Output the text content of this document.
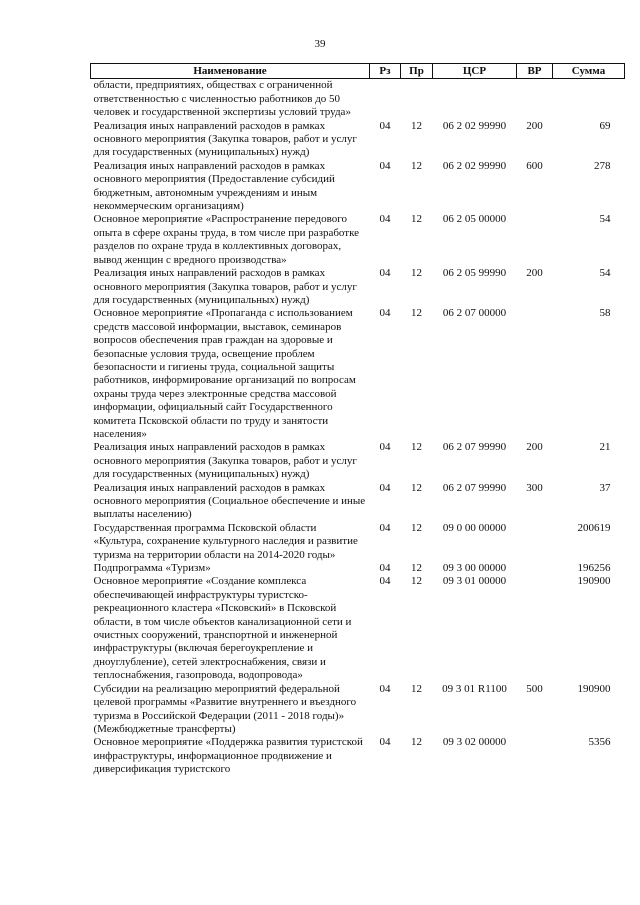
39
Наименование	Рз	Пр	ЦСР	ВР	Сумма
области, предприятиях, обществах с ограниченной ответственностью с численностью работников до 50 человек и государственной экспертизы условий труда»					
Реализация иных направлений расходов в рамках основного мероприятия (Закупка товаров, работ и услуг для государственных (муниципальных) нужд)	04	12	06 2 02 99990	200	69
Реализация иных направлений расходов в рамках основного мероприятия (Предоставление субсидий бюджетным, автономным учреждениям и иным некоммерческим организациям)	04	12	06 2 02 99990	600	278
Основное мероприятие «Распространение передового опыта в сфере охраны труда, в том числе при разработке разделов по охране труда в коллективных договорах, вывод женщин с вредного производства»	04	12	06 2 05 00000		54
Реализация иных направлений расходов в рамках основного мероприятия (Закупка товаров, работ и услуг для государственных (муниципальных) нужд)	04	12	06 2 05 99990	200	54
Основное мероприятие «Пропаганда с использованием средств массовой информации, выставок, семинаров вопросов обеспечения прав граждан на здоровые и безопасные условия труда, освещение проблем безопасности и гигиены труда, социальной защиты работников, информирование организаций по вопросам охраны труда через электронные средства массовой информации, официальный сайт Государственного комитета Псковской области по труду и занятости населения»	04	12	06 2 07 00000		58
Реализация иных направлений расходов в рамках основного мероприятия (Закупка товаров, работ и услуг для государственных (муниципальных) нужд)	04	12	06 2 07 99990	200	21
Реализация иных направлений расходов в рамках основного мероприятия (Социальное обеспечение и иные выплаты населению)	04	12	06 2 07 99990	300	37
Государственная программа Псковской области «Культура, сохранение культурного наследия и развитие туризма на территории области на 2014-2020 годы»	04	12	09 0 00 00000		200619
Подпрограмма «Туризм»	04	12	09 3 00 00000		196256
Основное мероприятие «Создание комплекса обеспечивающей инфраструктуры туристско-рекреационного кластера «Псковский» в Псковской области, в том числе объектов канализационной сети и очистных сооружений, транспортной и инженерной инфраструктуры (включая берегоукрепление и дноуглубление), сетей электроснабжения, связи и теплоснабжения, газопровода, водопровода»	04	12	09 3 01 00000		190900
Субсидии на реализацию мероприятий федеральной целевой программы «Развитие внутреннего и въездного туризма в Российской Федерации (2011 - 2018 годы)» (Межбюджетные трансферты)	04	12	09 3 01 R1100	500	190900
Основное мероприятие «Поддержка развития туристской инфраструктуры, информационное продвижение и диверсификация туристского	04	12	09 3 02 00000		5356
